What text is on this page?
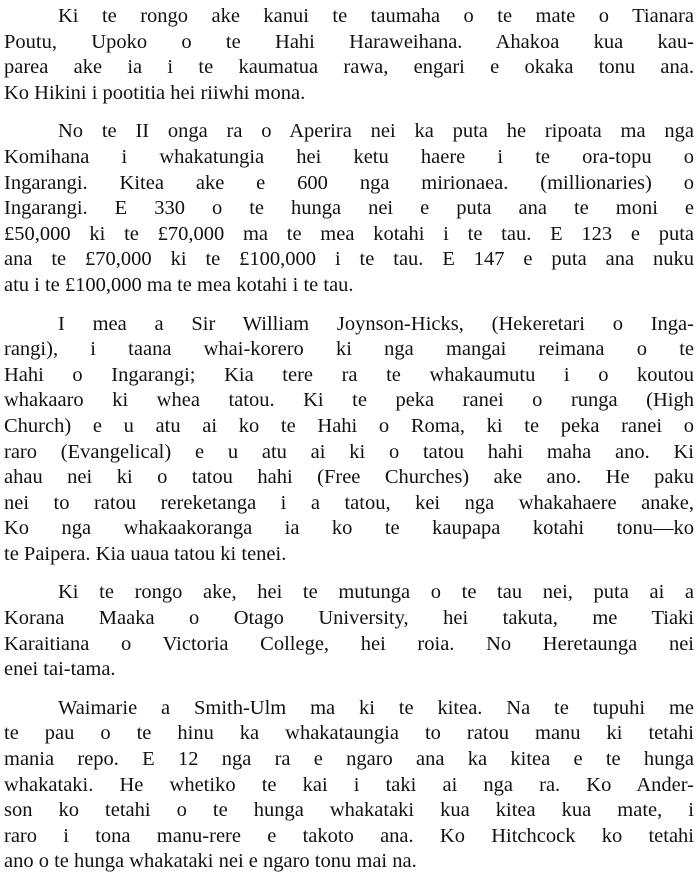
Ki te rongo ake kanui te taumaha o te mate o Tianara
Poutu, Upoko o te Hahi Haraweihana. Ahakoa kua kau-
parea ake ia i te kaumatua rawa, engari e okaka tonu ana.
Ko Hikini i pootitia hei riiwhi mona.
No te II onga ra o Aperira nei ka puta he ripoata ma nga
Komihana i whakatungia hei ketu haere i te ora-topu o
Ingarangi. Kitea ake e 600 nga mirionaea. (millionaries) o
Ingarangi. E 330 o te hunga nei e puta ana te moni e
£50,000 ki te £70,000 ma te mea kotahi i te tau. E 123 e puta
ana te £70,000 ki te £100,000 i te tau. E 147 e puta ana nuku
atu i te £100,000 ma te mea kotahi i te tau.
I mea a Sir William Joynson-Hicks, (Hekeretari o Inga-
rangi), i taana whai-korero ki nga mangai reimana o te
Hahi o Ingarangi; Kia tere ra te whakaumutu i o koutou
whakaaro ki whea tatou. Ki te peka ranei o runga (High
Church) e u atu ai ko te Hahi o Roma, ki te peka ranei o
raro (Evangelical) e u atu ai ki o tatou hahi maha ano. Ki
ahau nei ki o tatou hahi (Free Churches) ake ano. He paku
nei to ratou rereketanga i a tatou, kei nga whakahaere anake,
Ko nga whakaakoranga ia ko te kaupapa kotahi tonu—ko
te Paipera. Kia uaua tatou ki tenei.
Ki te rongo ake, hei te mutunga o te tau nei, puta ai a
Korana Maaka o Otago University, hei takuta, me Tiaki
Karaitiana o Victoria College, hei roia. No Heretaunga nei
enei tai-tama.
Waimarie a Smith-Ulm ma ki te kitea. Na te tupuhi me
te pau o te hinu ka whakataungia to ratou manu ki tetahi
mania repo. E 12 nga ra e ngaro ana ka kitea e te hunga
whakataki. He whetiko te kai i taki ai nga ra. Ko Ander-
son ko tetahi o te hunga whakataki kua kitea kua mate, i
raro i tona manu-rere e takoto ana. Ko Hitchcock ko tetahi
ano o te hunga whakataki nei e ngaro tonu mai na.
